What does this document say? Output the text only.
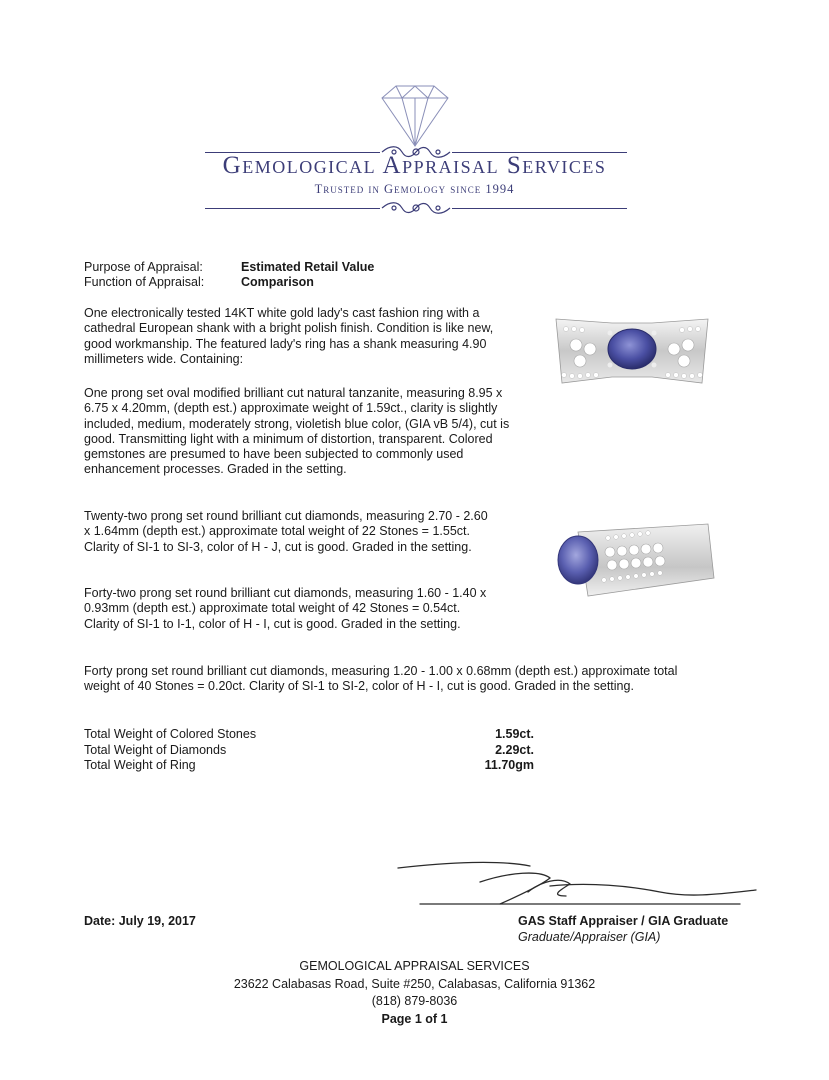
Gemological Appraisal Services
Trusted in Gemology since 1994
Purpose of Appraisal:	Estimated Retail Value
Function of Appraisal:	Comparison

One electronically tested 14KT white gold lady's cast fashion ring with a cathedral European shank with a bright polish finish. Condition is like new, good workmanship. The featured lady's ring has a shank measuring 4.90 millimeters wide. Containing:

One prong set oval modified brilliant cut natural tanzanite, measuring 8.95 x 6.75 x 4.20mm, (depth est.) approximate weight of 1.59ct., clarity is slightly included, medium, moderately strong, violetish blue color, (GIA vB 5/4), cut is good. Transmitting light with a minimum of distortion, transparent. Colored gemstones are presumed to have been subjected to commonly used enhancement processes. Graded in the setting.

Twenty-two prong set round brilliant cut diamonds, measuring 2.70 - 2.60 x 1.64mm (depth est.) approximate total weight of 22 Stones = 1.55ct. Clarity of SI-1 to SI-3, color of H - J, cut is good. Graded in the setting.

Forty-two prong set round brilliant cut diamonds, measuring 1.60 - 1.40 x 0.93mm (depth est.) approximate total weight of 42 Stones = 0.54ct. Clarity of SI-1 to I-1, color of H - I, cut is good. Graded in the setting.

Forty prong set round brilliant cut diamonds, measuring 1.20 - 1.00 x 0.68mm (depth est.) approximate total weight of 40 Stones = 0.20ct. Clarity of SI-1 to SI-2, color of H - I, cut is good. Graded in the setting.

Total Weight of Colored Stones	1.59ct.
Total Weight of Diamonds	2.29ct.
Total Weight of Ring	11.70gm
Date: July 19, 2017	GAS Staff Appraiser / GIA Graduate
Graduate/Appraiser (GIA)
GEMOLOGICAL APPRAISAL SERVICES
23622 Calabasas Road, Suite #250, Calabasas, California 91362
(818) 879-8036
Page 1 of 1
